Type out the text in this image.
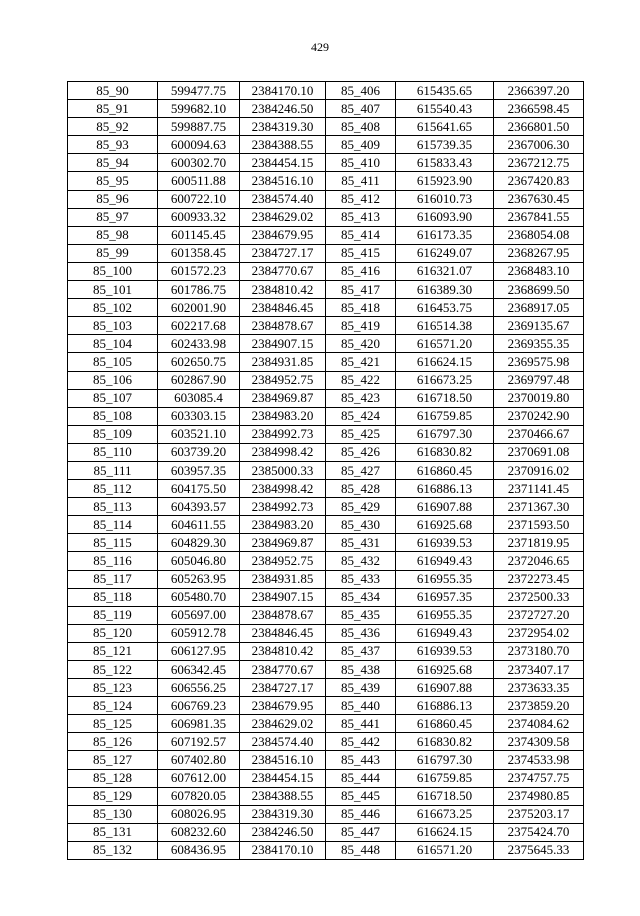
429
85_90	599477.75	2384170.10	85_406	615435.65	2366397.20
85_91	599682.10	2384246.50	85_407	615540.43	2366598.45
85_92	599887.75	2384319.30	85_408	615641.65	2366801.50
85_93	600094.63	2384388.55	85_409	615739.35	2367006.30
85_94	600302.70	2384454.15	85_410	615833.43	2367212.75
85_95	600511.88	2384516.10	85_411	615923.90	2367420.83
85_96	600722.10	2384574.40	85_412	616010.73	2367630.45
85_97	600933.32	2384629.02	85_413	616093.90	2367841.55
85_98	601145.45	2384679.95	85_414	616173.35	2368054.08
85_99	601358.45	2384727.17	85_415	616249.07	2368267.95
85_100	601572.23	2384770.67	85_416	616321.07	2368483.10
85_101	601786.75	2384810.42	85_417	616389.30	2368699.50
85_102	602001.90	2384846.45	85_418	616453.75	2368917.05
85_103	602217.68	2384878.67	85_419	616514.38	2369135.67
85_104	602433.98	2384907.15	85_420	616571.20	2369355.35
85_105	602650.75	2384931.85	85_421	616624.15	2369575.98
85_106	602867.90	2384952.75	85_422	616673.25	2369797.48
85_107	603085.4	2384969.87	85_423	616718.50	2370019.80
85_108	603303.15	2384983.20	85_424	616759.85	2370242.90
85_109	603521.10	2384992.73	85_425	616797.30	2370466.67
85_110	603739.20	2384998.42	85_426	616830.82	2370691.08
85_111	603957.35	2385000.33	85_427	616860.45	2370916.02
85_112	604175.50	2384998.42	85_428	616886.13	2371141.45
85_113	604393.57	2384992.73	85_429	616907.88	2371367.30
85_114	604611.55	2384983.20	85_430	616925.68	2371593.50
85_115	604829.30	2384969.87	85_431	616939.53	2371819.95
85_116	605046.80	2384952.75	85_432	616949.43	2372046.65
85_117	605263.95	2384931.85	85_433	616955.35	2372273.45
85_118	605480.70	2384907.15	85_434	616957.35	2372500.33
85_119	605697.00	2384878.67	85_435	616955.35	2372727.20
85_120	605912.78	2384846.45	85_436	616949.43	2372954.02
85_121	606127.95	2384810.42	85_437	616939.53	2373180.70
85_122	606342.45	2384770.67	85_438	616925.68	2373407.17
85_123	606556.25	2384727.17	85_439	616907.88	2373633.35
85_124	606769.23	2384679.95	85_440	616886.13	2373859.20
85_125	606981.35	2384629.02	85_441	616860.45	2374084.62
85_126	607192.57	2384574.40	85_442	616830.82	2374309.58
85_127	607402.80	2384516.10	85_443	616797.30	2374533.98
85_128	607612.00	2384454.15	85_444	616759.85	2374757.75
85_129	607820.05	2384388.55	85_445	616718.50	2374980.85
85_130	608026.95	2384319.30	85_446	616673.25	2375203.17
85_131	608232.60	2384246.50	85_447	616624.15	2375424.70
85_132	608436.95	2384170.10	85_448	616571.20	2375645.33
